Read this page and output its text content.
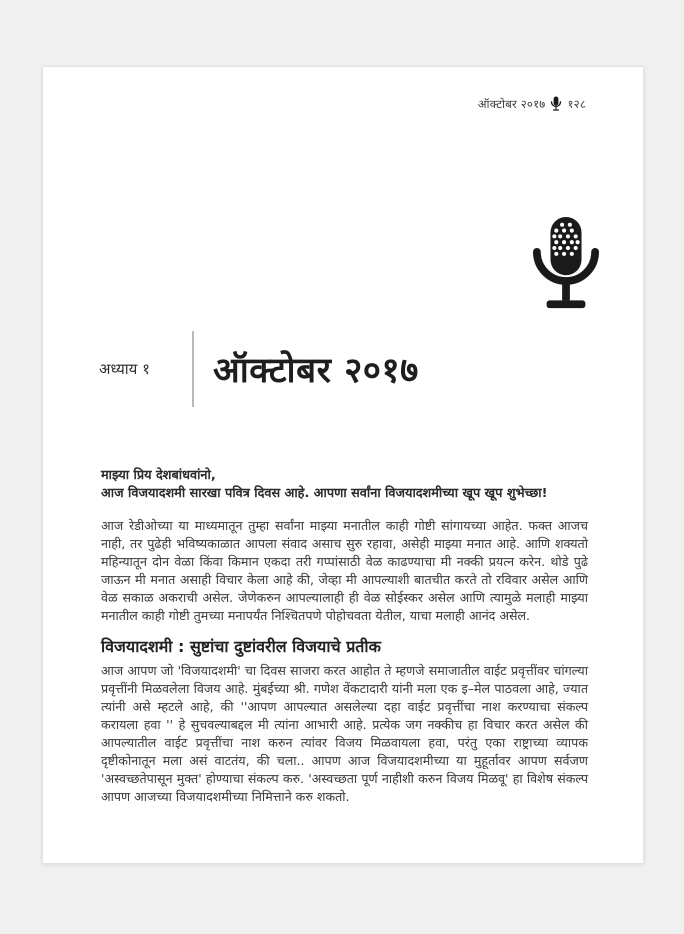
ऑक्टोबर २०१७ १२८
अध्याय १	ऑक्टोबर २०१७
माझ्या प्रिय देशबांधवांनो,
आज विजयादशमी सारखा पवित्र दिवस आहे. आपणा सर्वांना विजयादशमीच्या खूप खूप शुभेच्छा!

आज रेडीओच्या या माध्यमातून तुम्हा सर्वांना माझ्या मनातील काही गोष्टी सांगायच्या आहेत. फक्त आजच नाही, तर पुढेही भविष्यकाळात आपला संवाद असाच सुरु रहावा, असेही माझ्या मनात आहे. आणि शक्यतो महिन्यातून दोन वेळा किंवा किमान एकदा तरी गप्पांसाठी वेळ काढण्याचा मी नक्की प्रयत्न करेन. थोडे पुढे जाऊन मी मनात असाही विचार केला आहे की, जेव्हा मी आपल्याशी बातचीत करते तो रविवार असेल आणि वेळ सकाळ अकराची असेल. जेणेकरुन आपल्यालाही ही वेळ सोईस्कर असेल आणि त्यामुळे मलाही माझ्या मनातील काही गोष्टी तुमच्या मनापर्यंत निश्चितपणे पोहोचवता येतील, याचा मलाही आनंद असेल.

विजयादशमी : सुष्टांचा दुष्टांवरील विजयाचे प्रतीक

आज आपण जो 'विजयादशमी' चा दिवस साजरा करत आहोत ते म्हणजे समाजातील वाईट प्रवृत्तींवर चांगल्या प्रवृत्तींनी मिळवलेला विजय आहे. मुंबईच्या श्री. गणेश वेंकटादारी यांनी मला एक इ–मेल पाठवला आहे, ज्यात त्यांनी असे म्हटले आहे, की ''आपण आपल्यात असलेल्या दहा वाईट प्रवृत्तींचा नाश करण्याचा संकल्प करायला हवा '' हे सुचवल्याबद्दल मी त्यांना आभारी आहे. प्रत्येक जग नक्कीच हा विचार करत असेल की आपल्यातील वाईट प्रवृत्तींचा नाश करुन त्यांवर विजय मिळवायला हवा, परंतु एका राष्ट्राच्या व्यापक दृष्टीकोनातून मला असं वाटतंय, की चला.. आपण आज विजयादशमीच्या या मुहूर्तावर आपण सर्वजण 'अस्वच्छतेपासून मुक्त' होण्याचा संकल्प करु. 'अस्वच्छता पूर्ण नाहीशी करुन विजय मिळवू' हा विशेष संकल्प आपण आजच्या विजयादशमीच्या निमित्ताने करु शकतो.
